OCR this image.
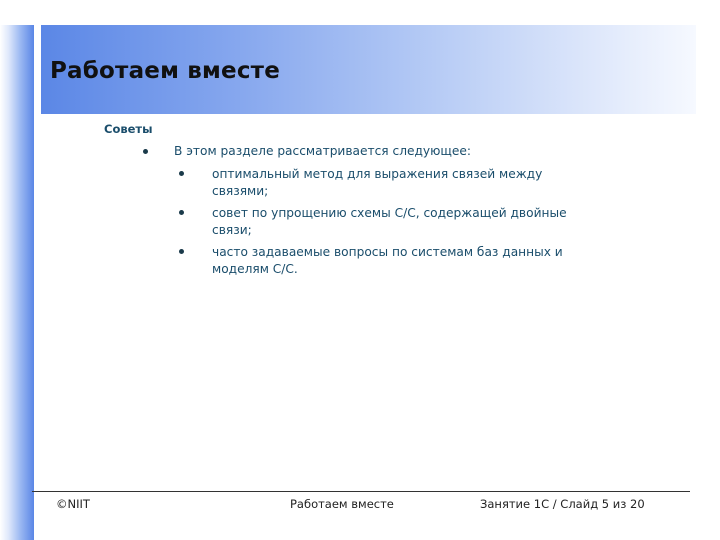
Работаем вместе

Советы

В этом разделе рассматривается следующее:

оптимальный метод для выражения связей между связями;

совет по упрощению схемы С/С, содержащей двойные связи;

часто задаваемые вопросы по системам баз данных и моделям С/С.

©NIIT	Работаем вместе	Занятие 1C / Слайд 5 из 20
